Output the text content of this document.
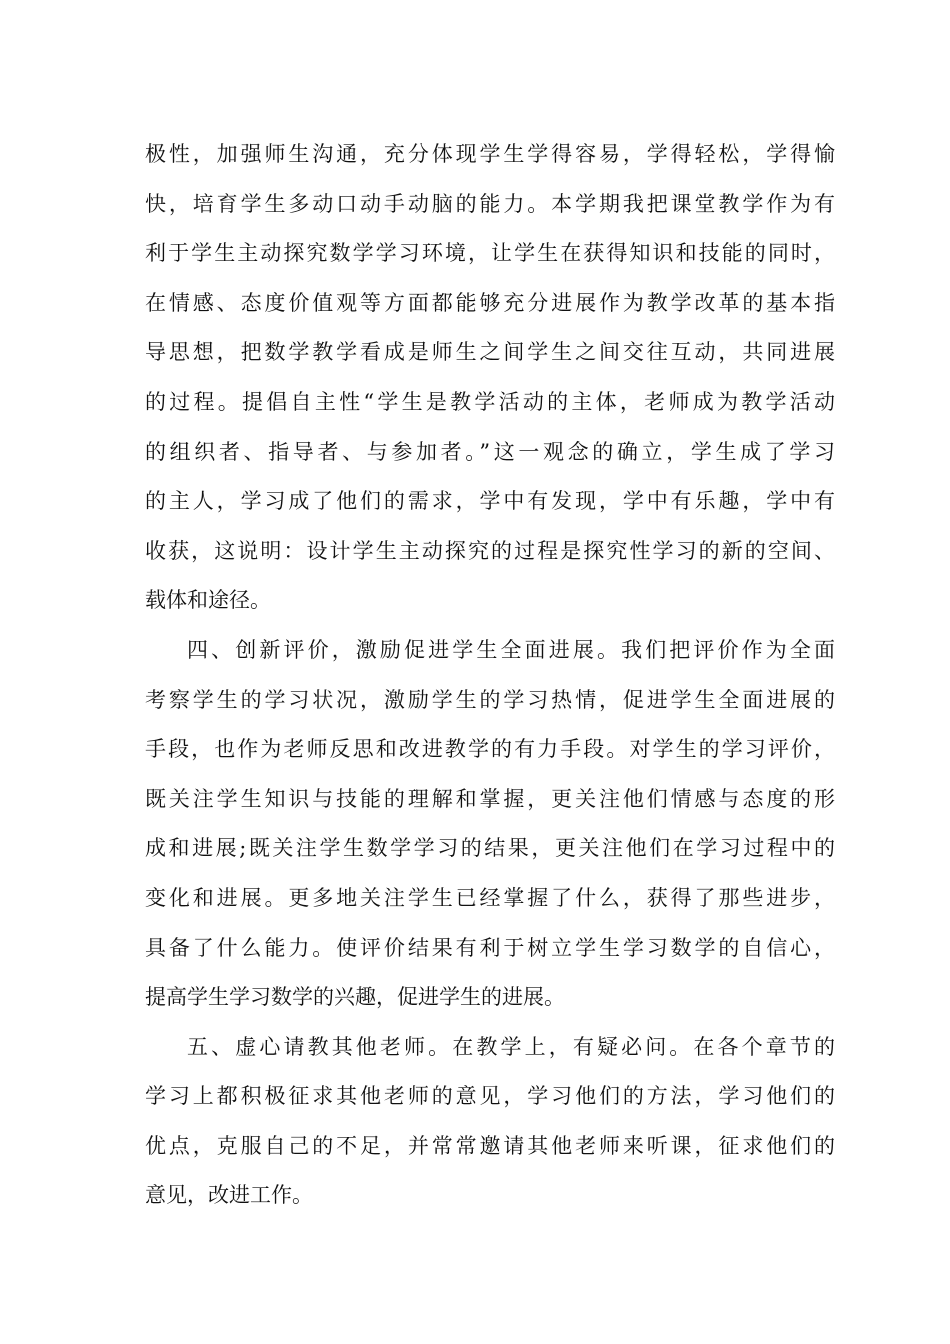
极性，加强师生沟通，充分体现学生学得容易，学得轻松，学得愉
快，培育学生多动口动手动脑的能力。本学期我把课堂教学作为有
利于学生主动探究数学学习环境，让学生在获得知识和技能的同时，
在情感、态度价值观等方面都能够充分进展作为教学改革的基本指
导思想，把数学教学看成是师生之间学生之间交往互动，共同进展
的过程。提倡自主性“学生是教学活动的主体，老师成为教学活动
的组织者、指导者、与参加者。”这一观念的确立，学生成了学习
的主人，学习成了他们的需求，学中有发现，学中有乐趣，学中有
收获，这说明：设计学生主动探究的过程是探究性学习的新的空间、
载体和途径。
四、创新评价，激励促进学生全面进展。我们把评价作为全面
考察学生的学习状况，激励学生的学习热情，促进学生全面进展的
手段，也作为老师反思和改进教学的有力手段。对学生的学习评价，
既关注学生知识与技能的理解和掌握，更关注他们情感与态度的形
成和进展;既关注学生数学学习的结果，更关注他们在学习过程中的
变化和进展。更多地关注学生已经掌握了什么，获得了那些进步，
具备了什么能力。使评价结果有利于树立学生学习数学的自信心，
提高学生学习数学的兴趣，促进学生的进展。
五、虚心请教其他老师。在教学上，有疑必问。在各个章节的
学习上都积极征求其他老师的意见，学习他们的方法，学习他们的
优点，克服自己的不足，并常常邀请其他老师来听课，征求他们的
意见，改进工作。
